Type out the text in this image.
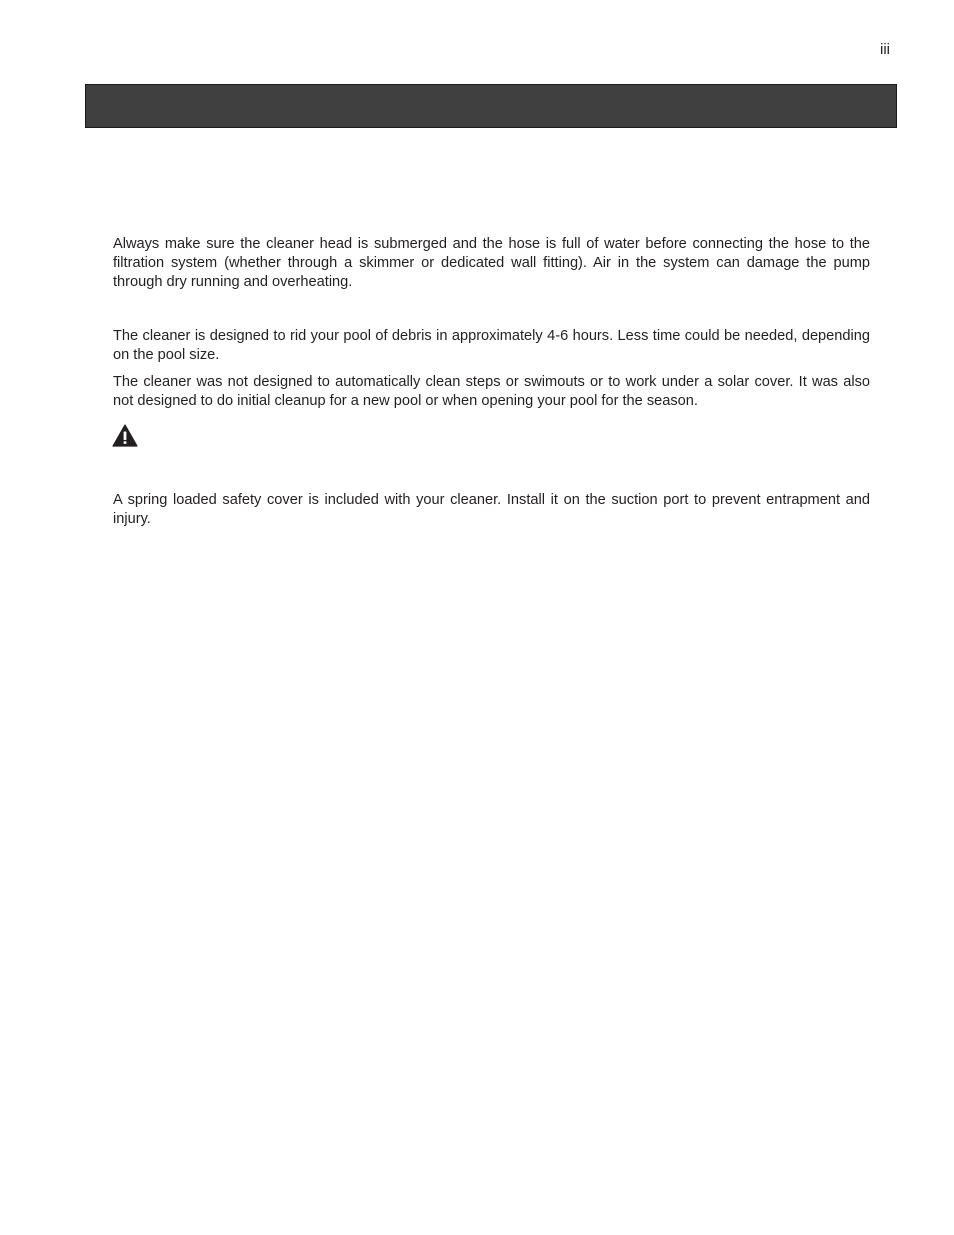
iii

Always make sure the cleaner head is submerged and the hose is full of water before connecting the hose to the filtration system (whether through a skimmer or dedicated wall fitting). Air in the system can damage the pump through dry running and overheating.

The cleaner is designed to rid your pool of debris in approximately 4-6 hours. Less time could be needed, depending on the pool size.

The cleaner was not designed to automatically clean steps or swimouts or to work under a solar cover. It was also not designed to do initial cleanup for a new pool or when opening your pool for the season.

A spring loaded safety cover is included with your cleaner. Install it on the suction port to prevent entrapment and injury.
